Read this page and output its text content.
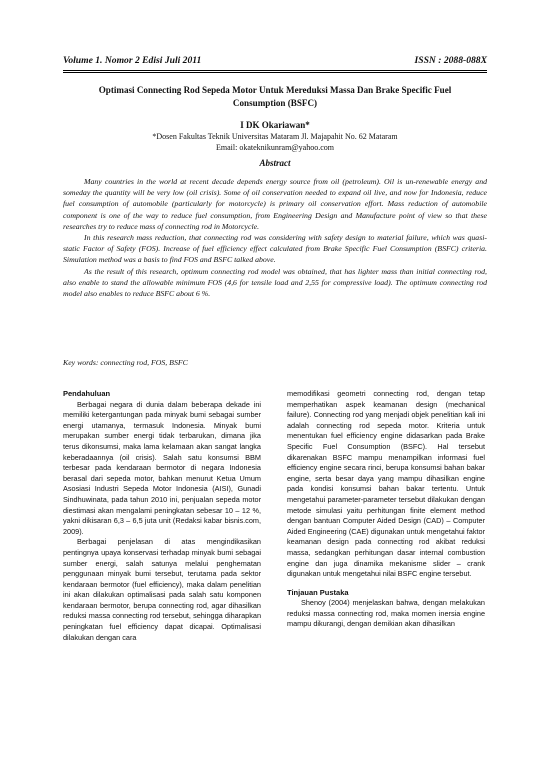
Volume 1. Nomor 2 Edisi Juli 2011	ISSN : 2088-088X
Optimasi Connecting Rod Sepeda Motor Untuk Mereduksi Massa Dan Brake Specific Fuel Consumption (BSFC)
I DK Okariawan*
*Dosen Fakultas Teknik Universitas Mataram Jl. Majapahit No. 62 Mataram
Email: okateknikunram@yahoo.com
Abstract

Many countries in the world at recent decade depends energy source from oil (petroleum). Oil is un-renewable energy and someday the quantity will be very low (oil crisis). Some of oil conservation needed to expand oil live, and now for Indonesia, reduce fuel consumption of automobile (particularly for motorcycle) is primary oil conservation effort. Mass reduction of automobile component is one of the way to reduce fuel consumption, from Engineering Design and Manufacture point of view so that these researches try to reduce mass of connecting rod in Motorcycle.

In this research mass reduction, that connecting rod was considering with safety design to material failure, which was quasi-static Factor of Safety (FOS). Increase of fuel efficiency effect calculated from Brake Specific Fuel Consumption (BSFC) criteria. Simulation method was a basis to find FOS and BSFC talked above.

As the result of this research, optimum connecting rod model was obtained, that has lighter mass than initial connecting rod, also enable to stand the allowable minimum FOS (4,6 for tensile load and 2,55 for compressive load). The optimum connecting rod model also enables to reduce BSFC about 6 %.

Key words: connecting rod, FOS, BSFC
Pendahuluan

Berbagai negara di dunia dalam beberapa dekade ini memiliki ketergantungan pada minyak bumi sebagai sumber energi utamanya, termasuk Indonesia. Minyak bumi merupakan sumber energi tidak terbarukan, dimana jika terus dikonsumsi, maka lama kelamaan akan sangat langka keberadaannya (oil crisis). Salah satu konsumsi BBM terbesar pada kendaraan bermotor di negara Indonesia berasal dari sepeda motor, bahkan menurut Ketua Umum Asosiasi Industri Sepeda Motor Indonesia (AISI), Gunadi Sindhuwinata, pada tahun 2010 ini, penjualan sepeda motor diestimasi akan mengalami peningkatan sebesar 10 – 12 %, yakni dikisaran 6,3 – 6,5 juta unit (Redaksi kabar bisnis.com, 2009).

Berbagai penjelasan di atas mengindikasikan pentingnya upaya konservasi terhadap minyak bumi sebagai sumber energi, salah satunya melalui penghematan penggunaan minyak bumi tersebut, terutama pada sektor kendaraan bermotor (fuel efficiency), maka dalam penelitian ini akan dilakukan optimalisasi pada salah satu komponen kendaraan bermotor, berupa connecting rod, agar dihasilkan reduksi massa connecting rod tersebut, sehingga diharapkan peningkatan fuel efficiency dapat dicapai. Optimalisasi dilakukan dengan cara

memodifikasi geometri connecting rod, dengan tetap memperhatikan aspek keamanan design (mechanical failure). Connecting rod yang menjadi objek penelitian kali ini adalah connecting rod sepeda motor. Kriteria untuk menentukan fuel efficiency engine didasarkan pada Brake Specific Fuel Consumption (BSFC). Hal tersebut dikarenakan BSFC mampu menampilkan informasi fuel efficiency engine secara rinci, berupa konsumsi bahan bakar engine, serta besar daya yang mampu dihasilkan engine pada kondisi konsumsi bahan bakar tertentu. Untuk mengetahui parameter-parameter tersebut dilakukan dengan metode simulasi yaitu perhitungan finite element method dengan bantuan Computer Aided Design (CAD) – Computer Aided Engineering (CAE) digunakan untuk mengetahui faktor keamanan design pada connecting rod akibat reduksi massa, sedangkan perhitungan dasar internal combustion engine dan juga dinamika mekanisme slider – crank digunakan untuk mengetahui nilai BSFC engine tersebut.

Tinjauan Pustaka

Shenoy (2004) menjelaskan bahwa, dengan melakukan reduksi massa connecting rod, maka momen inersia engine mampu dikurangi, dengan demikian akan dihasilkan
